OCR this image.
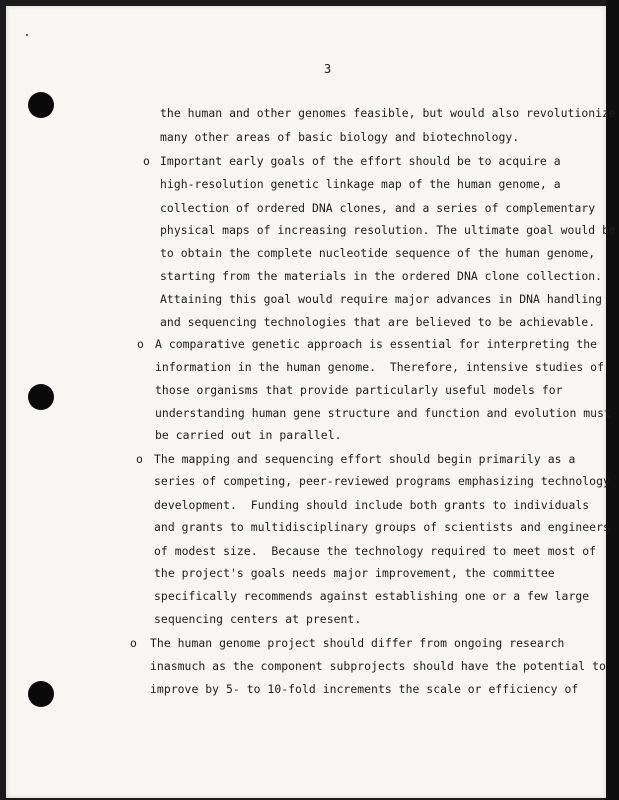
3
the human and other genomes feasible, but would also revolutionize
many other areas of basic biology and biotechnology.
o Important early goals of the effort should be to acquire a
high-resolution genetic linkage map of the human genome, a
collection of ordered DNA clones, and a series of complementary
physical maps of increasing resolution. The ultimate goal would be
to obtain the complete nucleotide sequence of the human genome,
starting from the materials in the ordered DNA clone collection.
Attaining this goal would require major advances in DNA handling
and sequencing technologies that are believed to be achievable.
o A comparative genetic approach is essential for interpreting the
information in the human genome.  Therefore, intensive studies of
those organisms that provide particularly useful models for
understanding human gene structure and function and evolution must
be carried out in parallel.
o The mapping and sequencing effort should begin primarily as a
series of competing, peer-reviewed programs emphasizing technology
development.  Funding should include both grants to individuals
and grants to multidisciplinary groups of scientists and engineers
of modest size.  Because the technology required to meet most of
the project's goals needs major improvement, the committee
specifically recommends against establishing one or a few large
sequencing centers at present.
o The human genome project should differ from ongoing research
inasmuch as the component subprojects should have the potential to
improve by 5- to 10-fold increments the scale or efficiency of
